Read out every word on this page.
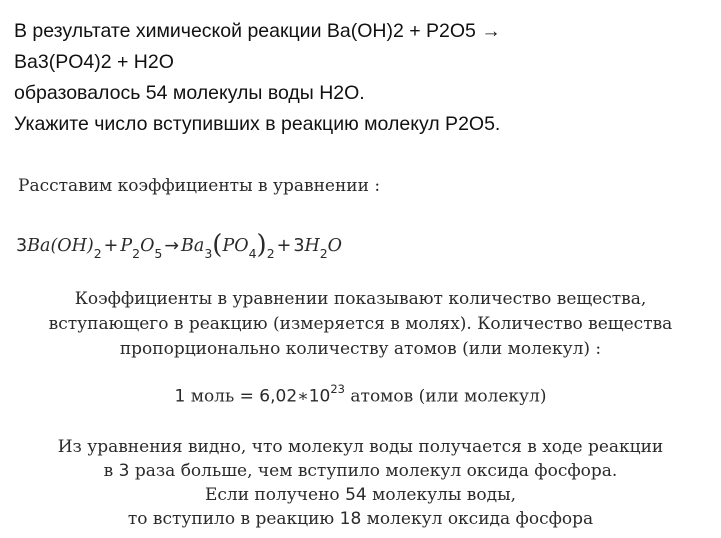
В результате химической реакции Ba(OH)2 + P2O5 →
Ba3(PO4)2 + H2O
образовалось 54 молекулы воды H2O.
Укажите число вступивших в реакцию молекул P2O5.
Расставим коэффициенты в уравнении :
$3Ba(OH)_2 + P_2O_5 \to Ba_3(PO_4)_2 + 3H_2O$
Коэффициенты в уравнении показывают количество вещества,
вступающего в реакцию (измеряется в молях). Количество вещества
пропорционально количеству атомов (или молекул) :
1 моль = $6,02∗10^{23}$ атомов (или молекул)
Из уравнения видно, что молекул воды получается в ходе реакции
в 3 раза больше, чем вступило молекул оксида фосфора.
Если получено 54 молекулы воды,
то вступило в реакцию 18 молекул оксида фосфора
